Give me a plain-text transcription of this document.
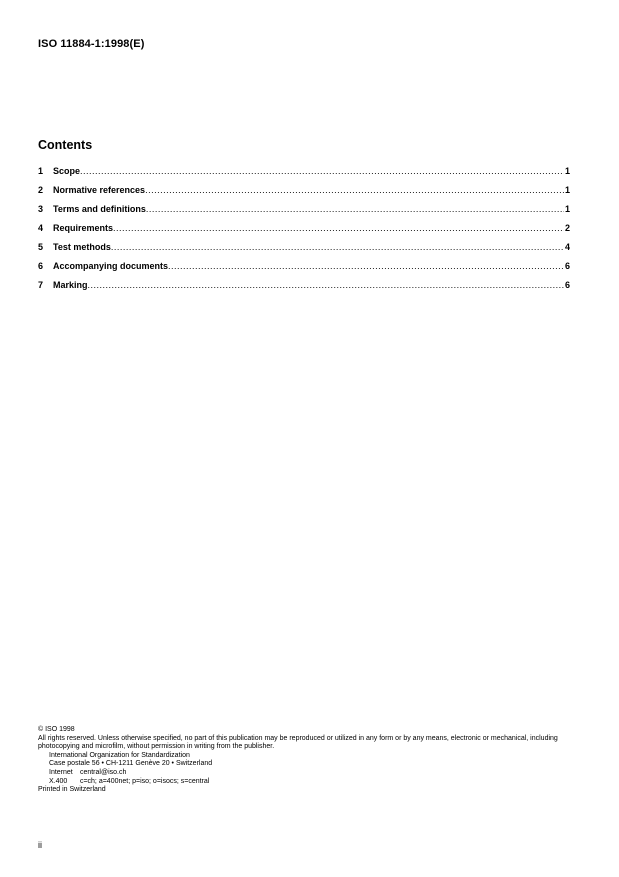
ISO 11884-1:1998(E)
Contents
1	Scope .....	1
2	Normative references .....	1
3	Terms and definitions .....	1
4	Requirements .....	2
5	Test methods .....	4
6	Accompanying documents .....	6
7	Marking .....	6
© ISO 1998
All rights reserved. Unless otherwise specified, no part of this publication may be reproduced or utilized in any form or by any means, electronic or mechanical, including photocopying and microfilm, without permission in writing from the publisher.
International Organization for Standardization
Case postale 56 • CH-1211 Genève 20 • Switzerland
Internet central@iso.ch
X.400 c=ch; a=400net; p=iso; o=isocs; s=central
Printed in Switzerland
ii
